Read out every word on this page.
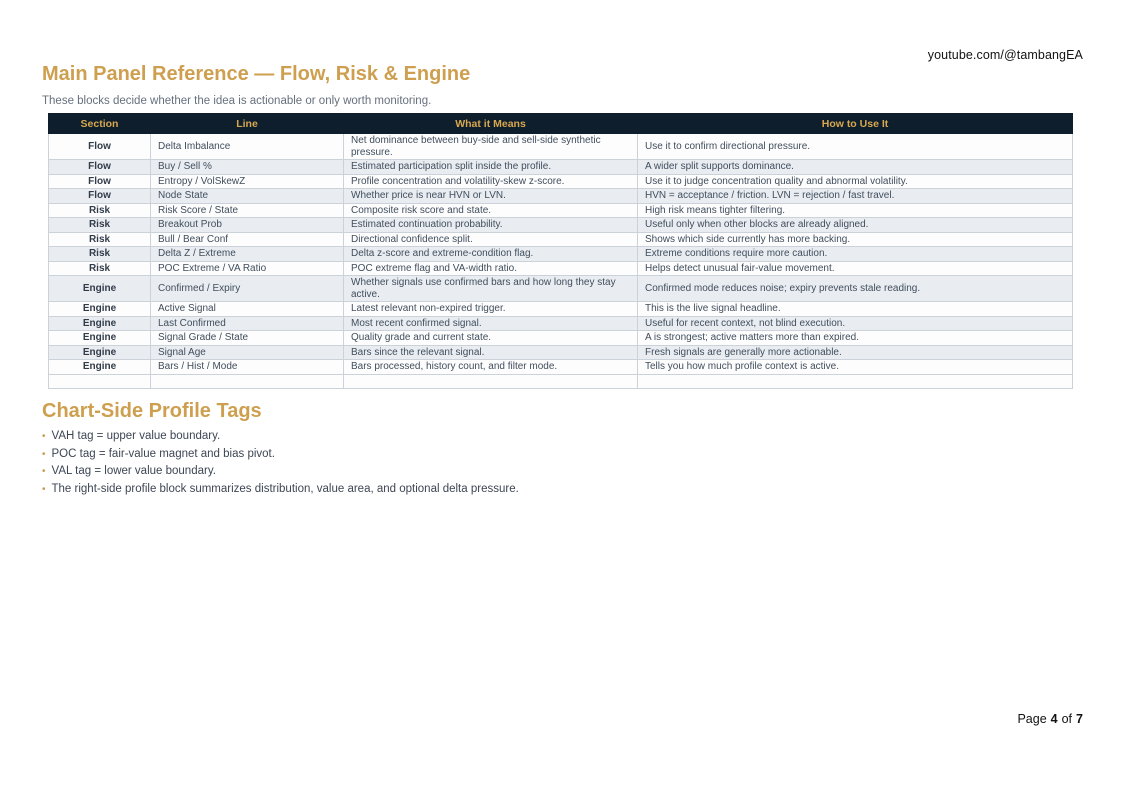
youtube.com/@tambangEA
Main Panel Reference — Flow, Risk & Engine
These blocks decide whether the idea is actionable or only worth monitoring.
Section	Line	What it Means	How to Use It
Flow	Delta Imbalance	Net dominance between buy-side and sell-side synthetic pressure.	Use it to confirm directional pressure.
Flow	Buy / Sell %	Estimated participation split inside the profile.	A wider split supports dominance.
Flow	Entropy / VolSkewZ	Profile concentration and volatility-skew z-score.	Use it to judge concentration quality and abnormal volatility.
Flow	Node State	Whether price is near HVN or LVN.	HVN = acceptance / friction. LVN = rejection / fast travel.
Risk	Risk Score / State	Composite risk score and state.	High risk means tighter filtering.
Risk	Breakout Prob	Estimated continuation probability.	Useful only when other blocks are already aligned.
Risk	Bull / Bear Conf	Directional confidence split.	Shows which side currently has more backing.
Risk	Delta Z / Extreme	Delta z-score and extreme-condition flag.	Extreme conditions require more caution.
Risk	POC Extreme / VA Ratio	POC extreme flag and VA-width ratio.	Helps detect unusual fair-value movement.
Engine	Confirmed / Expiry	Whether signals use confirmed bars and how long they stay active.	Confirmed mode reduces noise; expiry prevents stale reading.
Engine	Active Signal	Latest relevant non-expired trigger.	This is the live signal headline.
Engine	Last Confirmed	Most recent confirmed signal.	Useful for recent context, not blind execution.
Engine	Signal Grade / State	Quality grade and current state.	A is strongest; active matters more than expired.
Engine	Signal Age	Bars since the relevant signal.	Fresh signals are generally more actionable.
Engine	Bars / Hist / Mode	Bars processed, history count, and filter mode.	Tells you how much profile context is active.

Chart-Side Profile Tags
• VAH tag = upper value boundary.
• POC tag = fair-value magnet and bias pivot.
• VAL tag = lower value boundary.
• The right-side profile block summarizes distribution, value area, and optional delta pressure.
Page 4 of 7
